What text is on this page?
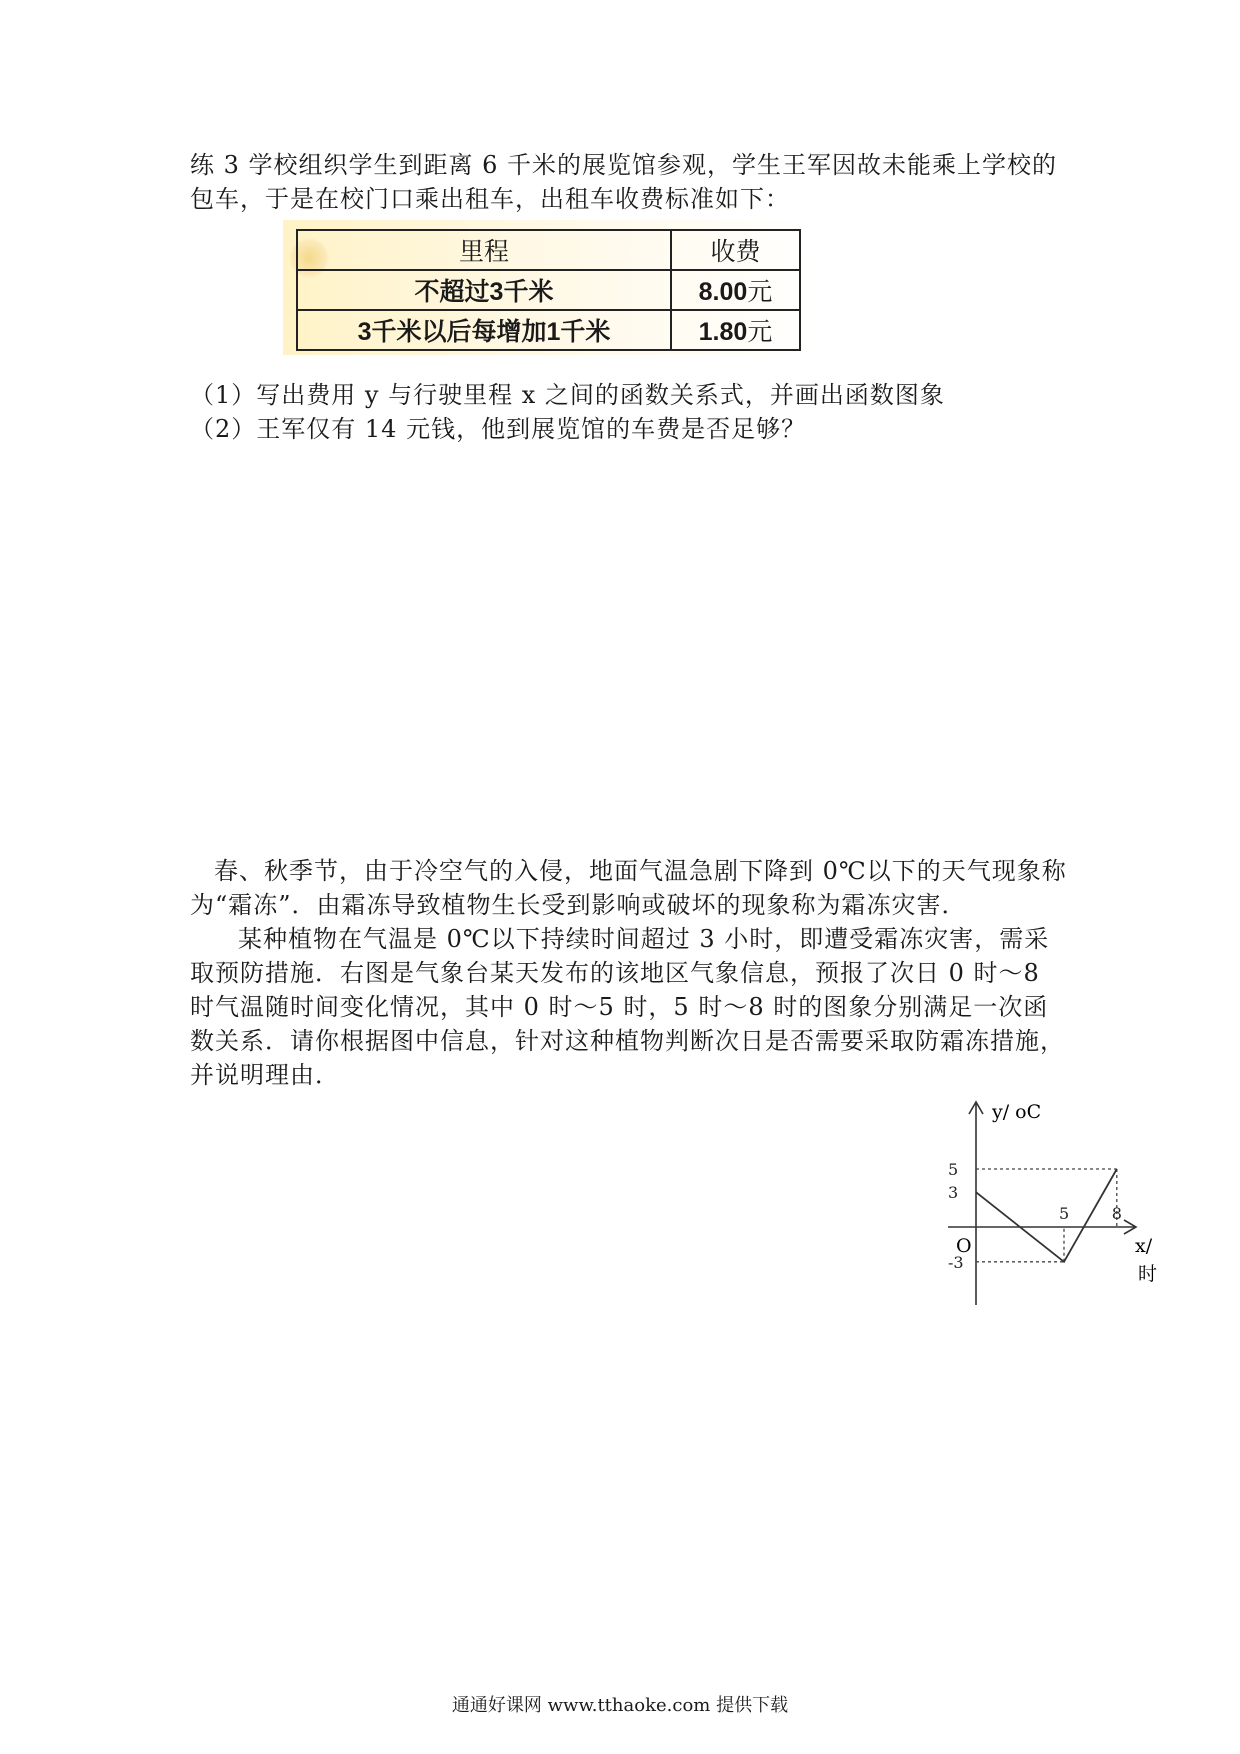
练 3 学校组织学生到距离 6 千米的展览馆参观，学生王军因故未能乘上学校的包车，于是在校门口乘出租车，出租车收费标准如下：

里程	收费
不超过3千米	8.00元
3千米以后每增加1千米	1.80元

（1）写出费用 y 与行驶里程 x 之间的函数关系式，并画出函数图象

（2）王军仅有 14 元钱，他到展览馆的车费是否足够？

春、秋季节，由于冷空气的入侵，地面气温急剧下降到 0℃以下的天气现象称为“霜冻”．由霜冻导致植物生长受到影响或破坏的现象称为霜冻灾害．

某种植物在气温是 0℃以下持续时间超过 3 小时，即遭受霜冻灾害，需采取预防措施．右图是气象台某天发布的该地区气象信息，预报了次日 0 时～8 时气温随时间变化情况，其中 0 时～5 时，5 时～8 时的图象分别满足一次函数关系．请你根据图中信息，针对这种植物判断次日是否需要采取防霜冻措施，并说明理由．

5
3
-3
5	8
y/ oC
O	x/
时
通通好课网 www.tthaoke.com 提供下载
